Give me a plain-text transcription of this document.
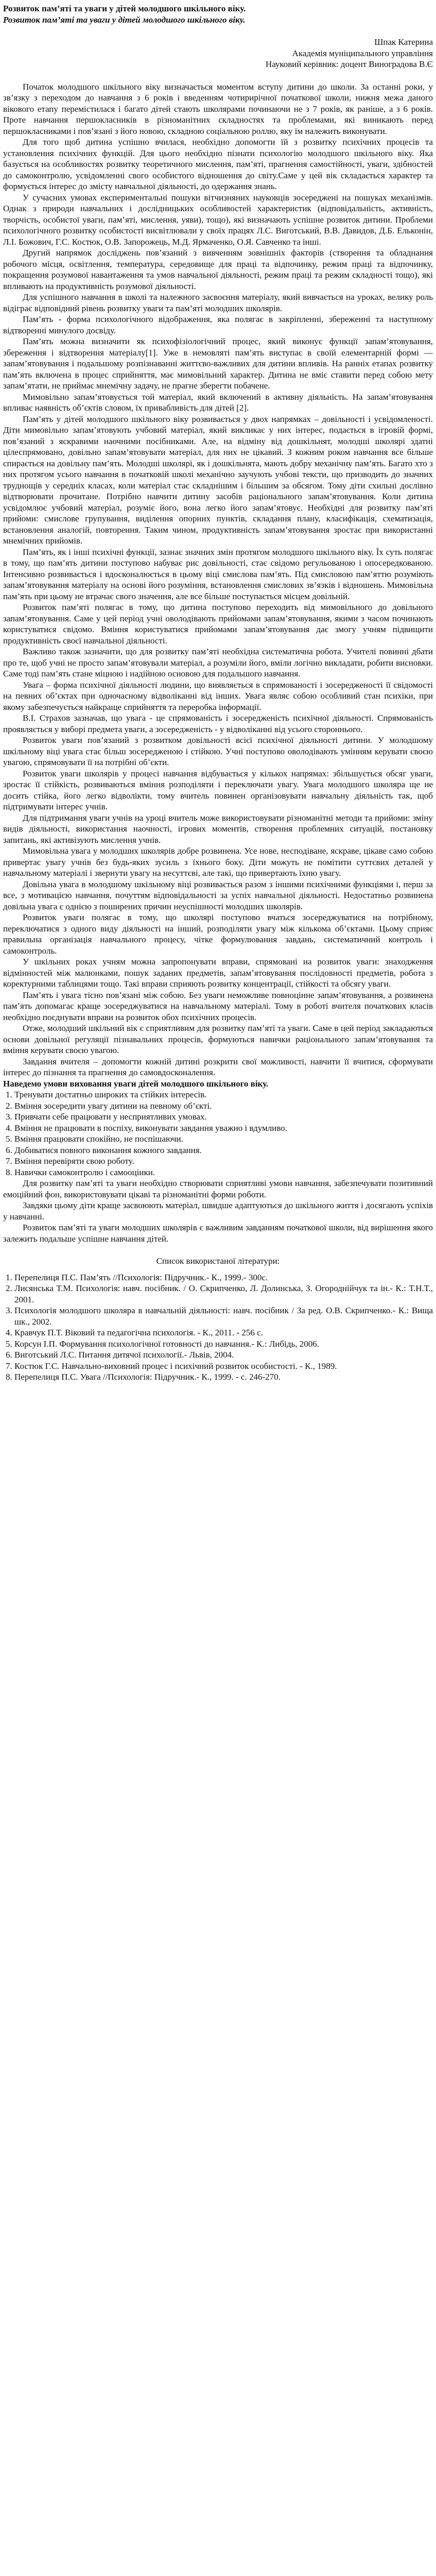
Розвиток пам’яті та уваги у дітей молодшого шкільного віку.

Розвиток пам’яті та уваги у дітей молодшого шкільного віку.

Шпак Катерина

Академія муніципального управління

Науковий керівник: доцент Виноградова В.Є

Початок молодшого шкільного віку визначається моментом вступу дитини до школи. За останні роки, у зв’язку з переходом до навчання з 6 років і введенням чотирирічної початкової школи, нижня межа даного вікового етапу перемістилася і багато дітей стають школярами починаючи не з 7 років, як раніше, а з 6 років. Проте навчання першокласників в різноманітних складностях та проблемами, які виникають перед першокласниками і пов’язані з його новою, складною соціальною роллю, яку їм належить виконувати.

Для того щоб дитина успішно вчилася, необхідно допомогти їй з розвитку психічних процесів та установлення психічних функцій. Для цього необхідно пізнати психологію молодшого шкільного віку. Яка базується на особливостях розвитку теоретичного мислення, пам’яті, прагнення самостійності, уваги, здібностей до самоконтролю, усвідомленні свого особистого відношення до світу.Саме у цей вік складається характер та формується інтерес до змісту навчальної діяльності, до одержання знань.

У сучасних умовах експериментальні пошуки вітчизняних науковців зосереджені на пошуках механізмів. Однак з природи навчальних і дослідницьких особливостей характеристик (відповідальність, активність, творчість, особистої уваги, пам’яті, мислення, уяви), тощо), які визначають успішне розвиток дитини. Проблеми психологічного розвитку особистості висвітлювали у своїх працях Л.С. Виготський, В.В. Давидов, Д.Б. Ельконін, Л.І. Божович, Г.С. Костюк, О.В. Запорожець, М.Д. Ярмаченко, О.Я. Савченко та інші.

Другий напрямок досліджень пов’язаний з вивченням зовнішніх факторів (створення та обладнання робочого місця, освітлення, температура, середовище для праці та відпочинку, режим праці та відпочинку, покращення розумової навантаження та умов навчальної діяльності, режим праці та режим складності тощо), які впливають на продуктивність розумової діяльності.

Для успішного навчання в школі та належного засвоєння матеріалу, який вивчається на уроках, велику роль відіграє відповідний рівень розвитку уваги та пам’яті молодших школярів.

Пам’ять - форма психологічного відображення, яка полягає в закріпленні, збереженні та наступному відтворенні минулого досвіду.

Пам’ять можна визначити як психофізіологічний процес, який виконує функції запам’ятовування, збереження і відтворення матеріалу[1]. Уже в немовляті пам’ять виступає в своїй елементарній формі — запам’ятовування і подальшому розпізнаванні життєво-важливих для дитини впливів. На ранніх етапах розвитку пам’ять включена в процес сприйняття, має мимовільний характер. Дитина не вміє ставити перед собою мету запам’ятати, не приймає мнемічну задачу, не прагне зберегти побачене.

Мимовільно запам’ятовується той матеріал, який включений в активну діяльність. На запам’ятовування впливає наявність об’єктів словом, їх привабливість для дітей [2].

Пам’ять у дітей молодшого шкільного віку розвивається у двох напрямках – довільності і усвідомленості. Діти мимовільно запам’ятовують учбовий матеріал, який викликає у них інтерес, подається в ігровій формі, пов’язаний з яскравими наочними посібниками. Але, на відміну від дошкільнят, молодші школярі здатні цілеспрямовано, довільно запам’ятовувати матеріал, для них не цікавий. З кожним роком навчання все більше спирається на довільну пам’ять. Молодші школярі, як і дошкільнята, мають добру механічну пам’ять. Багато хто з них протягом усього навчання в початковій школі механічно заучують учбові тексти, що призводить до значних труднощів у середніх класах, коли матеріал стає складнішим і більшим за обсягом. Тому діти схильні дослівно відтворювати прочитане. Потрібно навчити дитину засобів раціонального запам’ятовування. Коли дитина усвідомлює учбовий матеріал, розуміє його, вона легко його запам’ятовує. Необхідні для розвитку пам’яті прийоми: смислове групування, виділення опорних пунктів, складання плану, класифікація, схематизація, встановлення аналогій, повторення. Таким чином, продуктивність запам’ятовування зростає при використанні мнемічних прийомів.

Пам’ять, як і інші психічні функції, зазнає значних змін протягом молодшого шкільного віку. Їх суть полягає в тому, що пам’ять дитини поступово набуває рис довільності, стає свідомо регульованою і опосередкованою. Інтенсивно розвивається і вдосконалюється в цьому віці смислова пам’ять. Під смисловою пам’яттю розуміють запам’ятовування матеріалу на основі його розуміння, встановлення смислових зв’язків і відношень. Мимовільна пам’ять при цьому не втрачає свого значення, але все більше поступається місцем довільній.

Розвиток пам’яті полягає в тому, що дитина поступово переходить від мимовільного до довільного запам’ятовування. Саме у цей період учні оволодівають прийомами запам’ятовування, якими з часом починають користуватися свідомо. Вміння користуватися прийомами запам’ятовування дає змогу учням підвищити продуктивність своєї навчальної діяльності.

Важливо також зазначити, що для розвитку пам’яті необхідна систематична робота. Учителі повинні дбати про те, щоб учні не просто запам’ятовували матеріал, а розуміли його, вміли логічно викладати, робити висновки. Саме тоді пам’ять стане міцною і надійною основою для подальшого навчання.

Увага – форма психічної діяльності людини, що виявляється в спрямованості і зосередженості її свідомості на певних об’єктах при одночасному відволіканні від інших. Увага являє собою особливий стан психіки, при якому забезпечується найкраще сприйняття та переробка інформації.

В.І. Страхов зазначав, що увага - це спрямованість і зосередженість психічної діяльності. Спрямованість проявляється у виборі предмета уваги, а зосередженість - у відволіканні від усього стороннього.

Розвиток уваги пов’язаний з розвитком довільності всієї психічної діяльності дитини. У молодшому шкільному віці увага стає більш зосередженою і стійкою. Учні поступово оволодівають умінням керувати своєю увагою, спрямовувати її на потрібні об’єкти.

Розвиток уваги школярів у процесі навчання відбувається у кількох напрямах: збільшується обсяг уваги, зростає її стійкість, розвиваються вміння розподіляти і переключати увагу. Увага молодшого школяра ще не досить стійка, його легко відволікти, тому вчитель повинен організовувати навчальну діяльність так, щоб підтримувати інтерес учнів.

Для підтримання уваги учнів на уроці вчитель може використовувати різноманітні методи та прийоми: зміну видів діяльності, використання наочності, ігрових моментів, створення проблемних ситуацій, постановку запитань, які активізують мислення учнів.

Мимовільна увага у молодших школярів добре розвинена. Усе нове, несподіване, яскраве, цікаве само собою привертає увагу учнів без будь-яких зусиль з їхнього боку. Діти можуть не помітити суттєвих деталей у навчальному матеріалі і звернути увагу на несуттєві, але такі, що привертають їхню увагу.

Довільна увага в молодшому шкільному віці розвивається разом з іншими психічними функціями і, перш за все, з мотивацією навчання, почуттям відповідальності за успіх навчальної діяльності. Недостатньо розвинена довільна увага є однією з поширених причин неуспішності молодших школярів.

Розвиток уваги полягає в тому, що школярі поступово вчаться зосереджуватися на потрібному, переключатися з одного виду діяльності на інший, розподіляти увагу між кількома об’єктами. Цьому сприяє правильна організація навчального процесу, чітке формулювання завдань, систематичний контроль і самоконтроль.

У шкільних роках учням можна запропонувати вправи, спрямовані на розвиток уваги: знаходження відмінностей між малюнками, пошук заданих предметів, запам’ятовування послідовності предметів, робота з коректурними таблицями тощо. Такі вправи сприяють розвитку концентрації, стійкості та обсягу уваги.

Пам’ять і увага тісно пов’язані між собою. Без уваги неможливе повноцінне запам’ятовування, а розвинена пам’ять допомагає краще зосереджуватися на навчальному матеріалі. Тому в роботі вчителя початкових класів необхідно поєднувати вправи на розвиток обох психічних процесів.

Отже, молодший шкільний вік є сприятливим для розвитку пам’яті та уваги. Саме в цей період закладаються основи довільної регуляції пізнавальних процесів, формуються навички раціонального запам’ятовування та вміння керувати своєю увагою.

Завдання вчителя – допомогти кожній дитині розкрити свої можливості, навчити її вчитися, сформувати інтерес до пізнання та прагнення до самовдосконалення.

Наведемо умови виховання уваги дітей молодшого шкільного віку.

1. Тренувати достатньо широких та стійких інтересів.
2. Вміння зосередити увагу дитини на певному об’єкті.
3. Привчати себе працювати у несприятливих умовах.
4. Вміння не працювати в поспіху, виконувати завдання уважно і вдумливо.
5. Вміння працювати спокійно, не поспішаючи.
6. Добиватися повного виконання кожного завдання.
7. Вміння перевіряти свою роботу.
8. Навички самоконтролю і самооцінки.

Для розвитку пам’яті та уваги необхідно створювати сприятливі умови навчання, забезпечувати позитивний емоційний фон, використовувати цікаві та різноманітні форми роботи.

Завдяки цьому діти краще засвоюють матеріал, швидше адаптуються до шкільного життя і досягають успіхів у навчанні.

Розвиток пам’яті та уваги молодших школярів є важливим завданням початкової школи, від вирішення якого залежить подальше успішне навчання дітей.

Список використаної літератури:

1. Перепелиця П.С. Пам’ять //Психологія: Підручник.- К., 1999.- 300с.
2. Лисянська Т.М. Психологія: навч. посібник. / О. Скрипченко, Л. Долинська, З. Огороднійчук та ін.- К.: Т.Н.Т., 2001.
3. Психологія молодшого школяра в навчальній діяльності: навч. посібник / За ред. О.В. Скрипченко.- К.: Вища шк., 2002.
4. Кравчук П.Т. Віковий та педагогічна психологія. - К., 2011. - 256 с.
5. Корсун І.П. Формування психологічної готовності до навчання.- К.: Либідь, 2006.
6. Виготський Л.С. Питання дитячої психології.- Львів, 2004.
7. Костюк Г.С. Навчально-виховний процес і психічний розвиток особистості. - К., 1989.
8. Перепелиця П.С. Увага //Психологія: Підручник.- К., 1999. - с. 246-270.
